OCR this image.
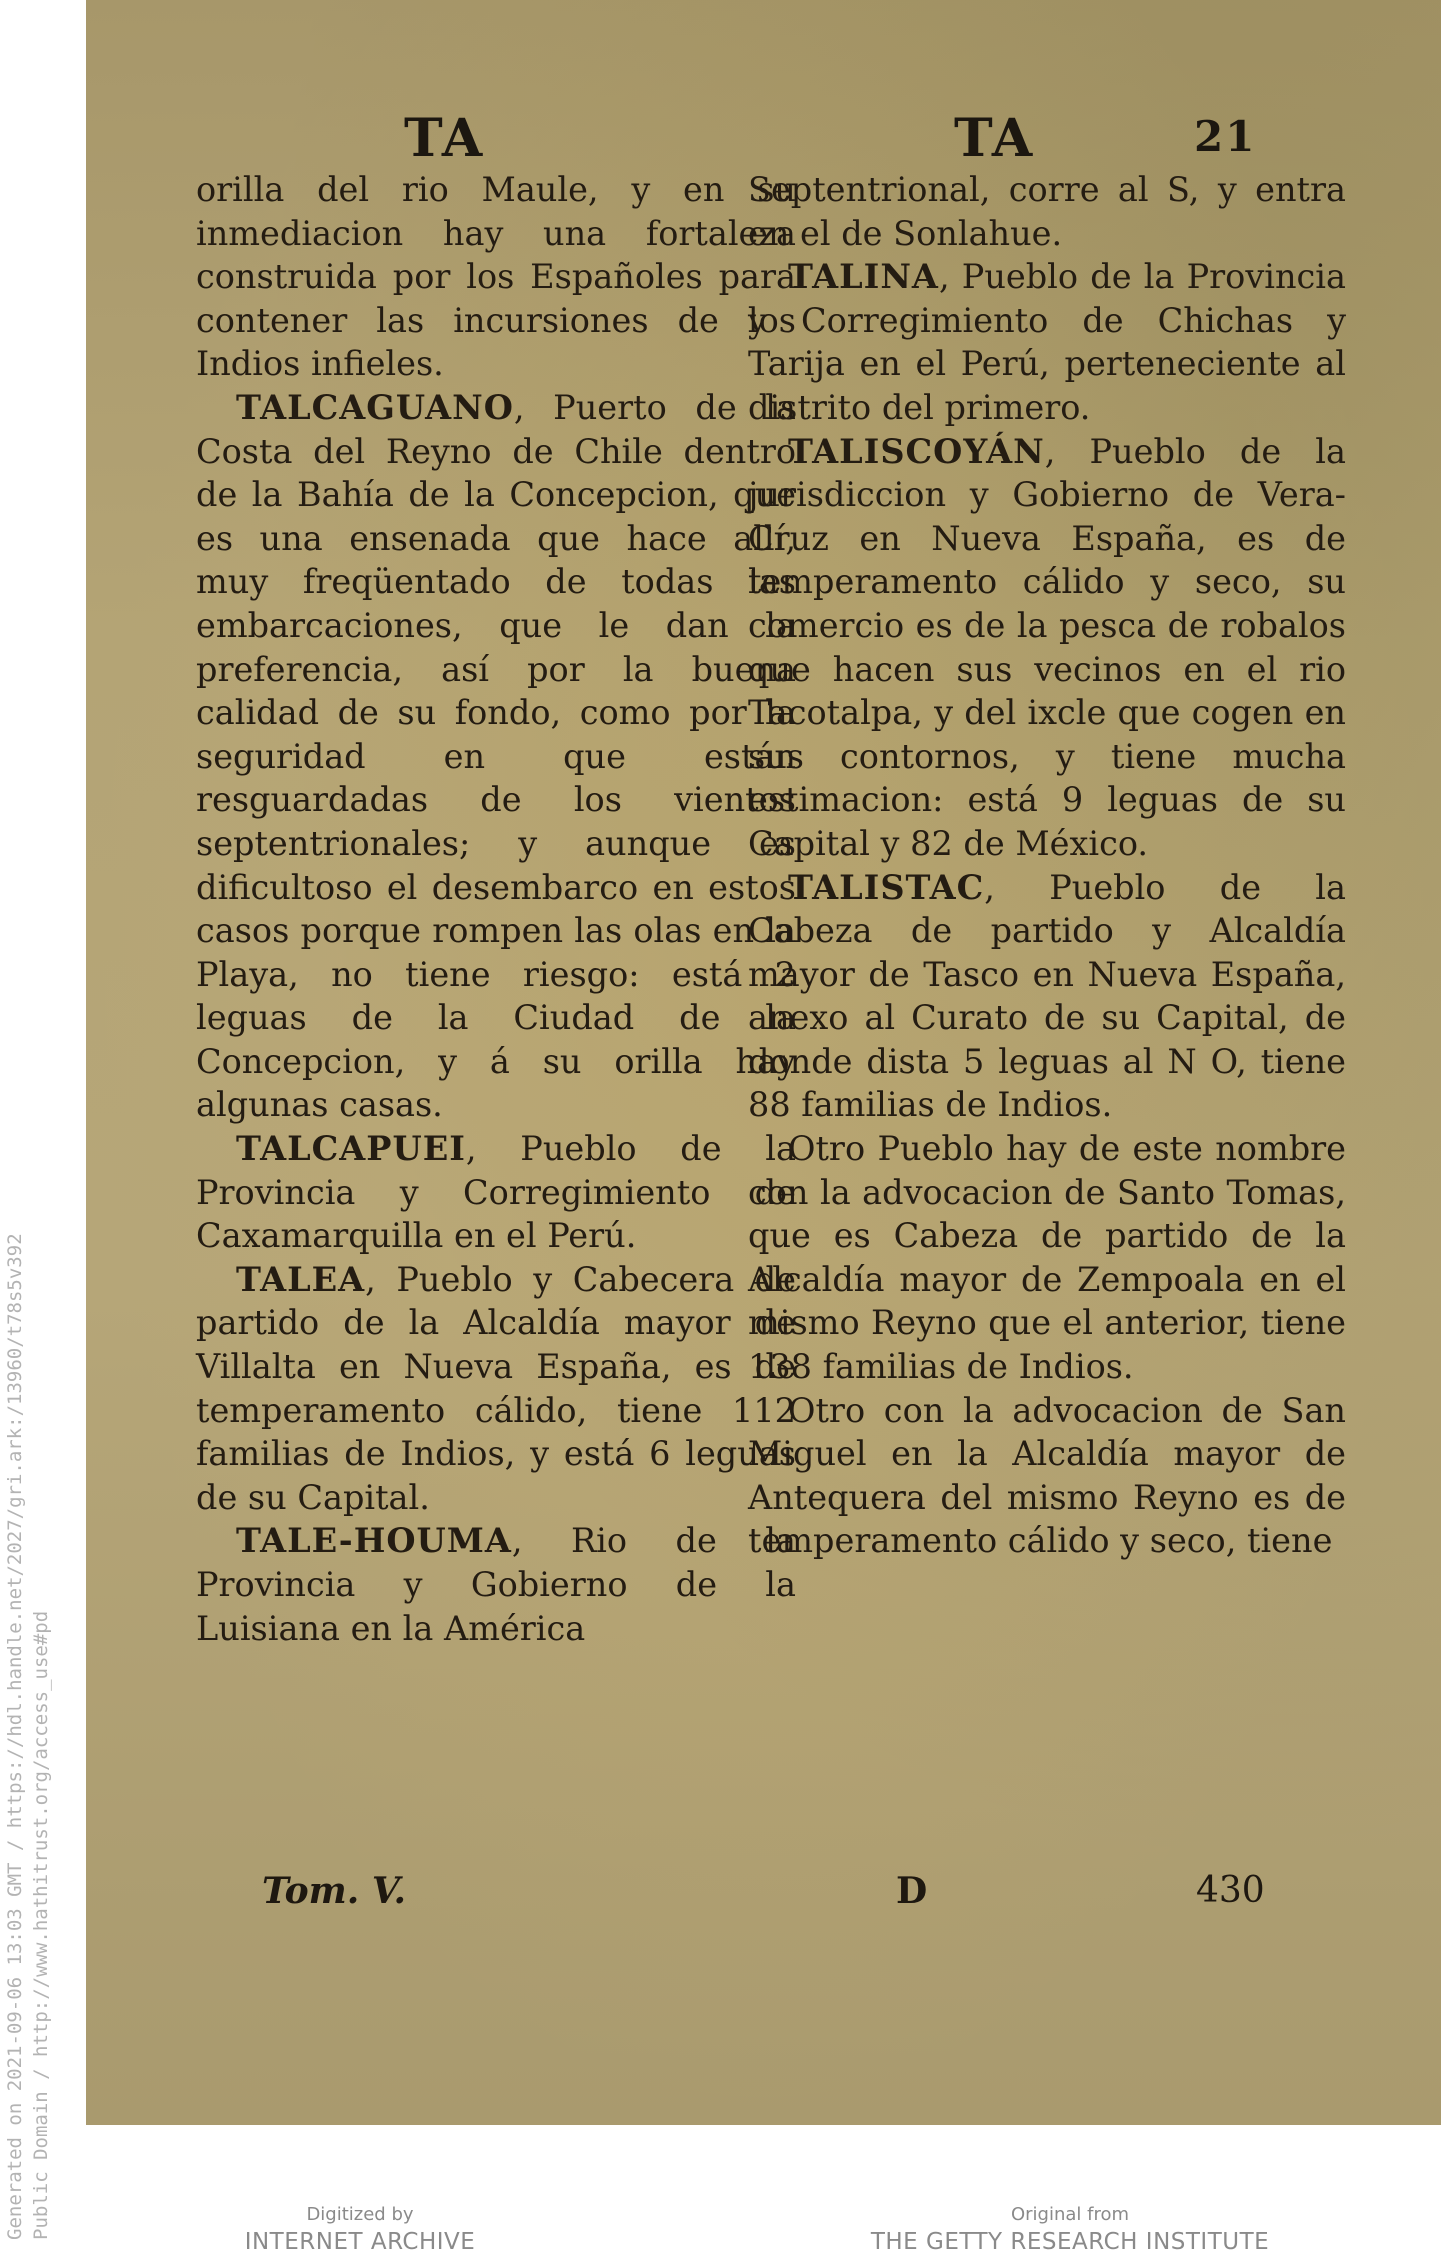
Generated on 2021-09-06 13:03 GMT / https://hdl.handle.net/2027/gri.ark:/13960/t78s5v392 Public Domain / http://www.hathitrust.org/access_use#pd
TA	TA	21

orilla del rio Maule, y en su inmediacion hay una fortaleza construida por los Españoles para contener las incursiones de los Indios infieles.

TALCAGUANO, Puerto de la Costa del Reyno de Chile dentro de la Bahía de la Concepcion, que es una ensenada que hace allí, muy freqüentado de todas las embarcaciones, que le dan la preferencia, así por la buena calidad de su fondo, como por la seguridad en que están resguardadas de los vientos septentrionales; y aunque es dificultoso el desembarco en estos casos porque rompen las olas en la Playa, no tiene riesgo: está 2 leguas de la Ciudad de la Concepcion, y á su orilla hay algunas casas.

TALCAPUEI, Pueblo de la Provincia y Corregimiento de Caxamarquilla en el Perú.

TALEA, Pueblo y Cabecera de partido de la Alcaldía mayor de Villalta en Nueva España, es de temperamento cálido, tiene 112 familias de Indios, y está 6 leguas de su Capital.

TALE-HOUMA, Rio de la Provincia y Gobierno de la Luisiana en la América

Septentrional, corre al S, y entra en el de Sonlahue.

TALINA, Pueblo de la Provincia y Corregimiento de Chichas y Tarija en el Perú, perteneciente al distrito del primero.

TALISCOYÁN, Pueblo de la jurisdiccion y Gobierno de Vera-Cruz en Nueva España, es de temperamento cálido y seco, su comercio es de la pesca de robalos que hacen sus vecinos en el rio Tacotalpa, y del ixcle que cogen en sus contornos, y tiene mucha estimacion: está 9 leguas de su Capital y 82 de México.

TALISTAC, Pueblo de la Cabeza de partido y Alcaldía mayor de Tasco en Nueva España, anexo al Curato de su Capital, de donde dista 5 leguas al N O, tiene 88 familias de Indios.

Otro Pueblo hay de este nombre con la advocacion de Santo Tomas, que es Cabeza de partido de la Alcaldía mayor de Zempoala en el mismo Reyno que el anterior, tiene 138 familias de Indios.

Otro con la advocacion de San Miguel en la Alcaldía mayor de Antequera del mismo Reyno es de temperamento cálido y seco, tiene

Tom. V.	D	430
Digitized by
INTERNET ARCHIVE
Original from
THE GETTY RESEARCH INSTITUTE
